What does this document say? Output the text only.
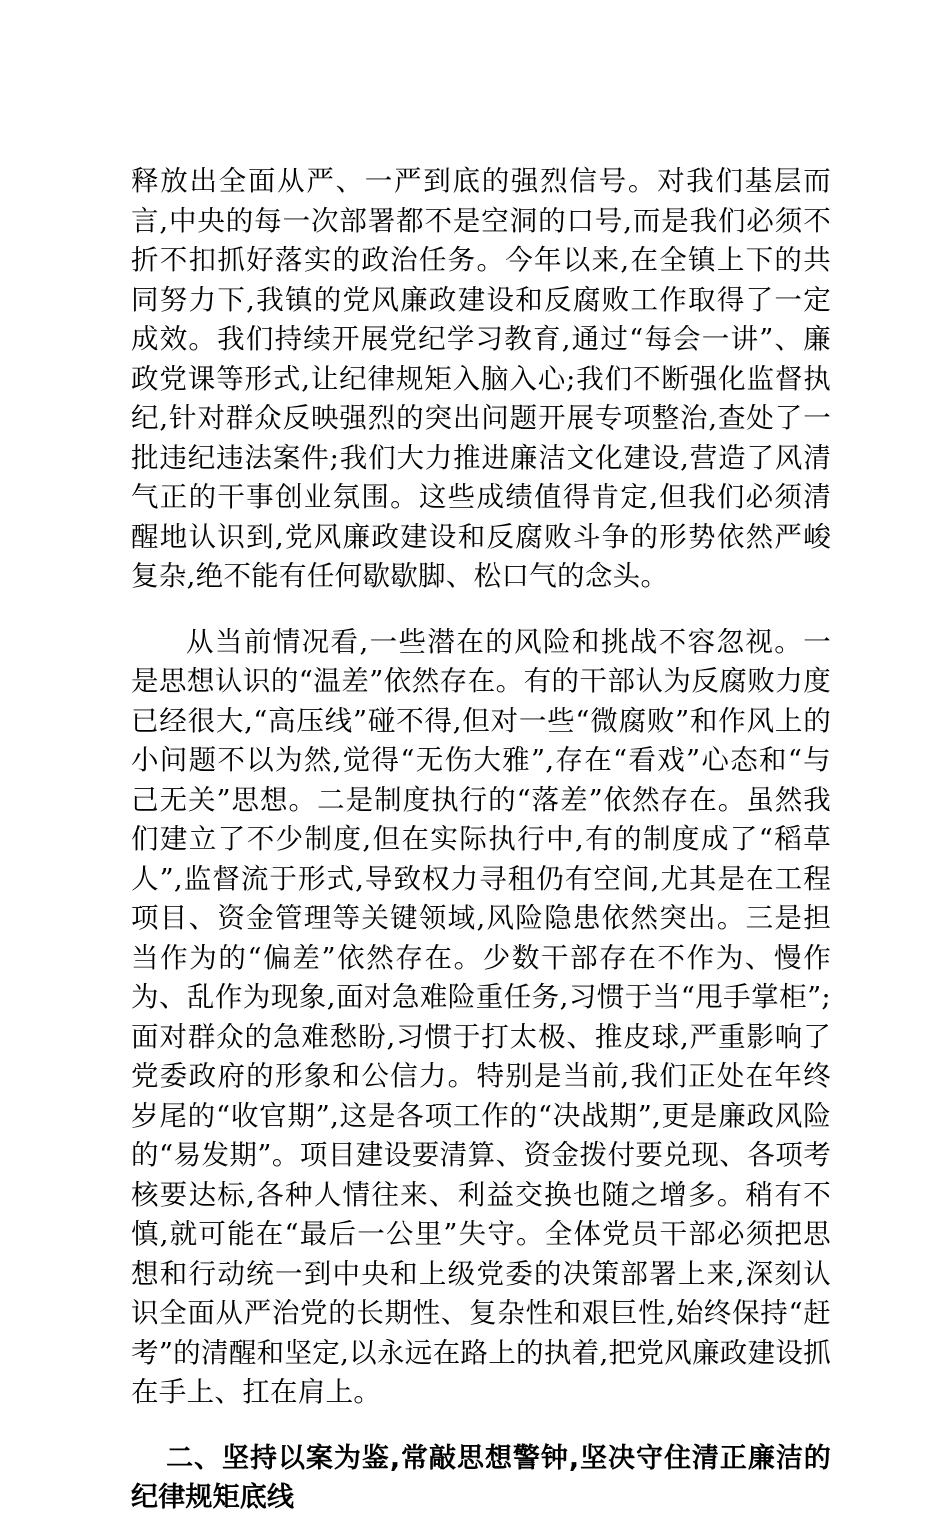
释放出全面从严、一严到底的强烈信号。对我们基层而言,中央的每一次部署都不是空洞的口号,而是我们必须不折不扣抓好落实的政治任务。今年以来,在全镇上下的共同努力下,我镇的党风廉政建设和反腐败工作取得了一定成效。我们持续开展党纪学习教育,通过“每会一讲”、廉政党课等形式,让纪律规矩入脑入心;我们不断强化监督执纪,针对群众反映强烈的突出问题开展专项整治,查处了一批违纪违法案件;我们大力推进廉洁文化建设,营造了风清气正的干事创业氛围。这些成绩值得肯定,但我们必须清醒地认识到,党风廉政建设和反腐败斗争的形势依然严峻复杂,绝不能有任何歇歇脚、松口气的念头。

从当前情况看,一些潜在的风险和挑战不容忽视。一是思想认识的“温差”依然存在。有的干部认为反腐败力度已经很大,“高压线”碰不得,但对一些“微腐败”和作风上的小问题不以为然,觉得“无伤大雅”,存在“看戏”心态和“与己无关”思想。二是制度执行的“落差”依然存在。虽然我们建立了不少制度,但在实际执行中,有的制度成了“稻草人”,监督流于形式,导致权力寻租仍有空间,尤其是在工程项目、资金管理等关键领域,风险隐患依然突出。三是担当作为的“偏差”依然存在。少数干部存在不作为、慢作为、乱作为现象,面对急难险重任务,习惯于当“甩手掌柜”;面对群众的急难愁盼,习惯于打太极、推皮球,严重影响了党委政府的形象和公信力。特别是当前,我们正处在年终岁尾的“收官期”,这是各项工作的“决战期”,更是廉政风险的“易发期”。项目建设要清算、资金拨付要兑现、各项考核要达标,各种人情往来、利益交换也随之增多。稍有不慎,就可能在“最后一公里”失守。全体党员干部必须把思想和行动统一到中央和上级党委的决策部署上来,深刻认识全面从严治党的长期性、复杂性和艰巨性,始终保持“赶考”的清醒和坚定,以永远在路上的执着,把党风廉政建设抓在手上、扛在肩上。

二、坚持以案为鉴,常敲思想警钟,坚决守住清正廉洁的纪律规矩底线
